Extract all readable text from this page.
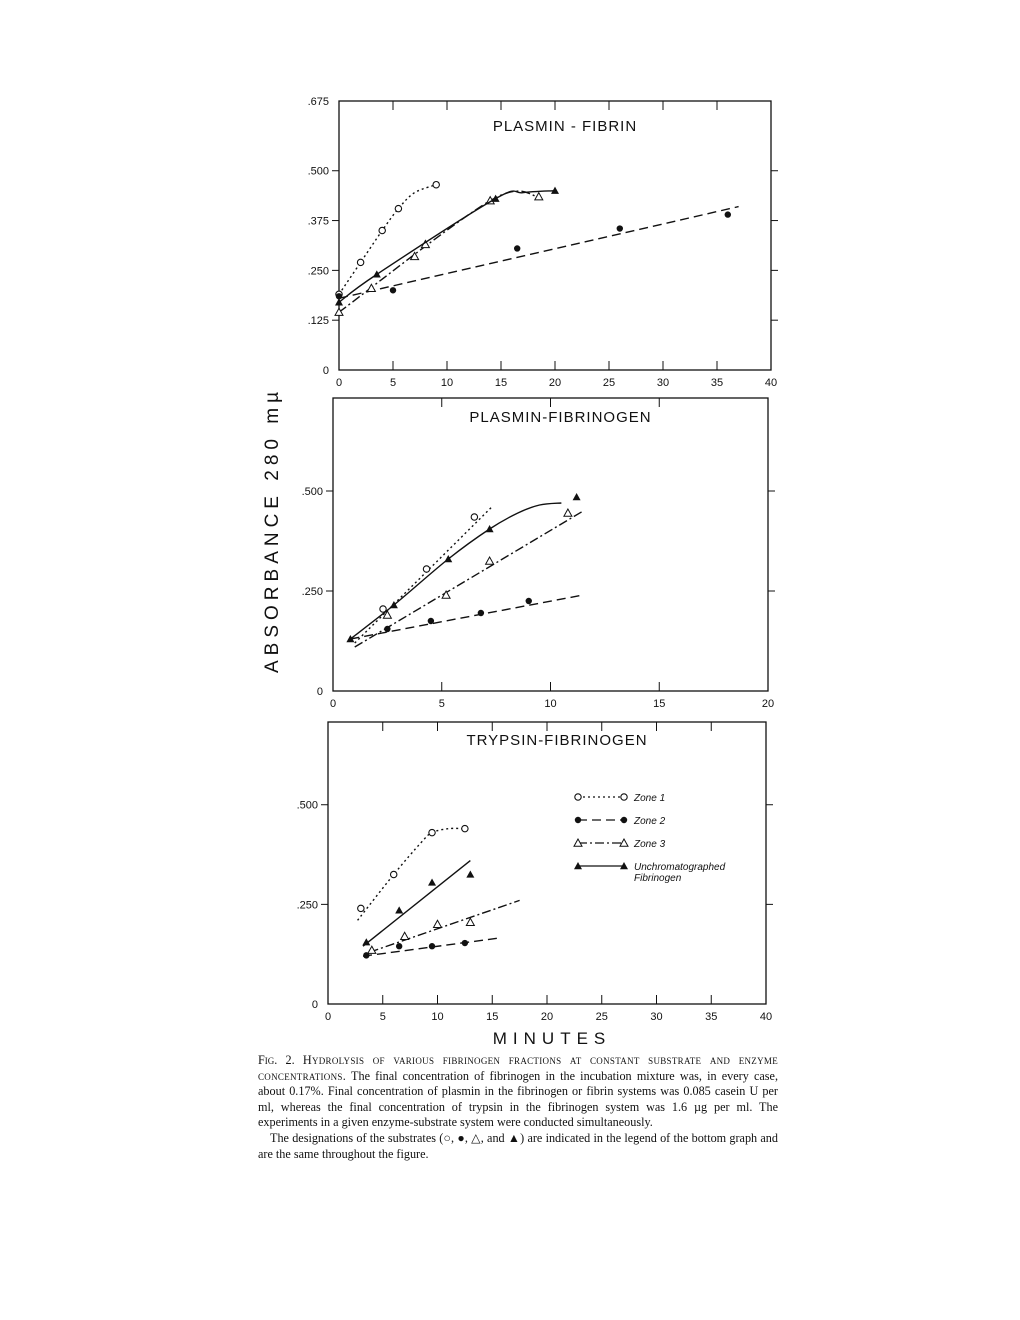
PLASMIN - FIBRIN
0	5	10	15	20	25	30	35	40
0
.125
.250
.375
.500
.675
PLASMIN-FIBRINOGEN
0	5	10	15	20
0
.250
.500
TRYPSIN-FIBRINOGEN
0	5	10	15	20	25	30	35	40
0
.250
.500
Zone 1
Zone 2
Zone 3
Unchromatographed
Fibrinogen
ABSORBANCE 280 mµ
MINUTES

Fig. 2. Hydrolysis of various fibrinogen fractions at constant substrate and enzyme concentrations. The final concentration of fibrinogen in the incubation mixture was, in every case, about 0.17%. Final concentration of plasmin in the fibrinogen or fibrin systems was 0.085 casein U per ml, whereas the final concentration of trypsin in the fibrinogen system was 1.6 µg per ml. The experiments in a given enzyme-substrate system were conducted simultaneously.

The designations of the substrates (○, ●, △, and ▲) are indicated in the legend of the bottom graph and are the same throughout the figure.
